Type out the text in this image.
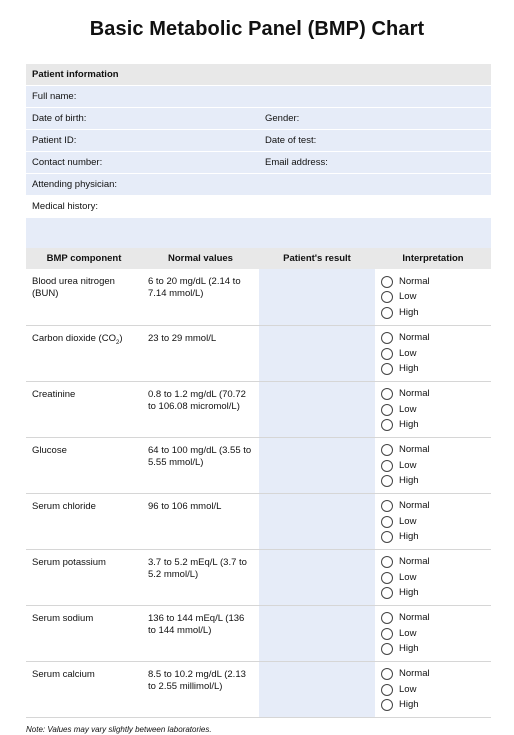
Basic Metabolic Panel (BMP) Chart
Patient information	
Full name:	
Date of birth:	Gender:
Patient ID:	Date of test:
Contact number:	Email address:
Attending physician:	
Medical history:	

BMP component	Normal values	Patient's result	Interpretation
Blood urea nitrogen (BUN)	6 to 20 mg/dL (2.14 to 7.14 mmol/L)		Normal
Low
High

Carbon dioxide $(CO_2)$	23 to 29 mmol/L		Normal
Low
High

Creatinine	0.8 to 1.2 mg/dL (70.72 to 106.08 micromol/L)		Normal
Low
High

Glucose	64 to 100 mg/dL (3.55 to 5.55 mmol/L)		Normal
Low
High

Serum chloride	96 to 106 mmol/L		Normal
Low
High

Serum potassium	3.7 to 5.2 mEq/L (3.7 to 5.2 mmol/L)		Normal
Low
High

Serum sodium	136 to 144 mEq/L (136 to 144 mmol/L)		Normal
Low
High

Serum calcium	8.5 to 10.2 mg/dL (2.13 to 2.55 millimol/L)		Normal
Low
High
Note: Values may vary slightly between laboratories.
